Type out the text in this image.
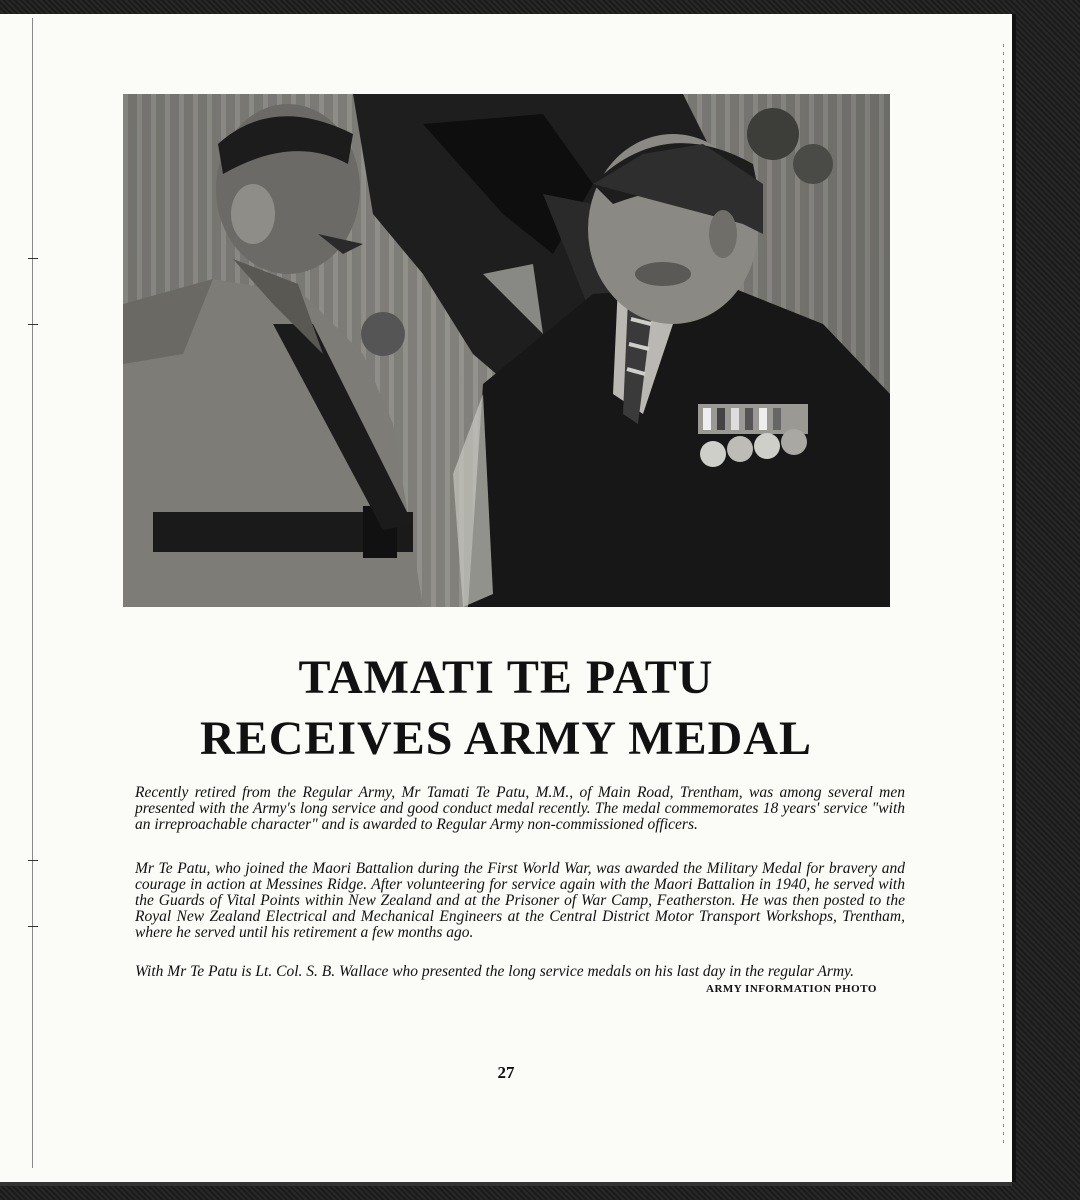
TAMATI TE PATU
RECEIVES ARMY MEDAL
Recently retired from the Regular Army, Mr Tamati Te Patu, M.M., of Main Road, Trentham, was among several men presented with the Army's long service and good conduct medal recently. The medal commemorates 18 years' service "with an irreproachable character" and is awarded to Regular Army non-commissioned officers.
Mr Te Patu, who joined the Maori Battalion during the First World War, was awarded the Military Medal for bravery and courage in action at Messines Ridge. After volunteering for service again with the Maori Battalion in 1940, he served with the Guards of Vital Points within New Zealand and at the Prisoner of War Camp, Featherston. He was then posted to the Royal New Zealand Electrical and Mechanical Engineers at the Central District Motor Transport Workshops, Trentham, where he served until his retirement a few months ago.
With Mr Te Patu is Lt. Col. S. B. Wallace who presented the long service medals on his last day in the regular Army.
ARMY INFORMATION PHOTO
27
